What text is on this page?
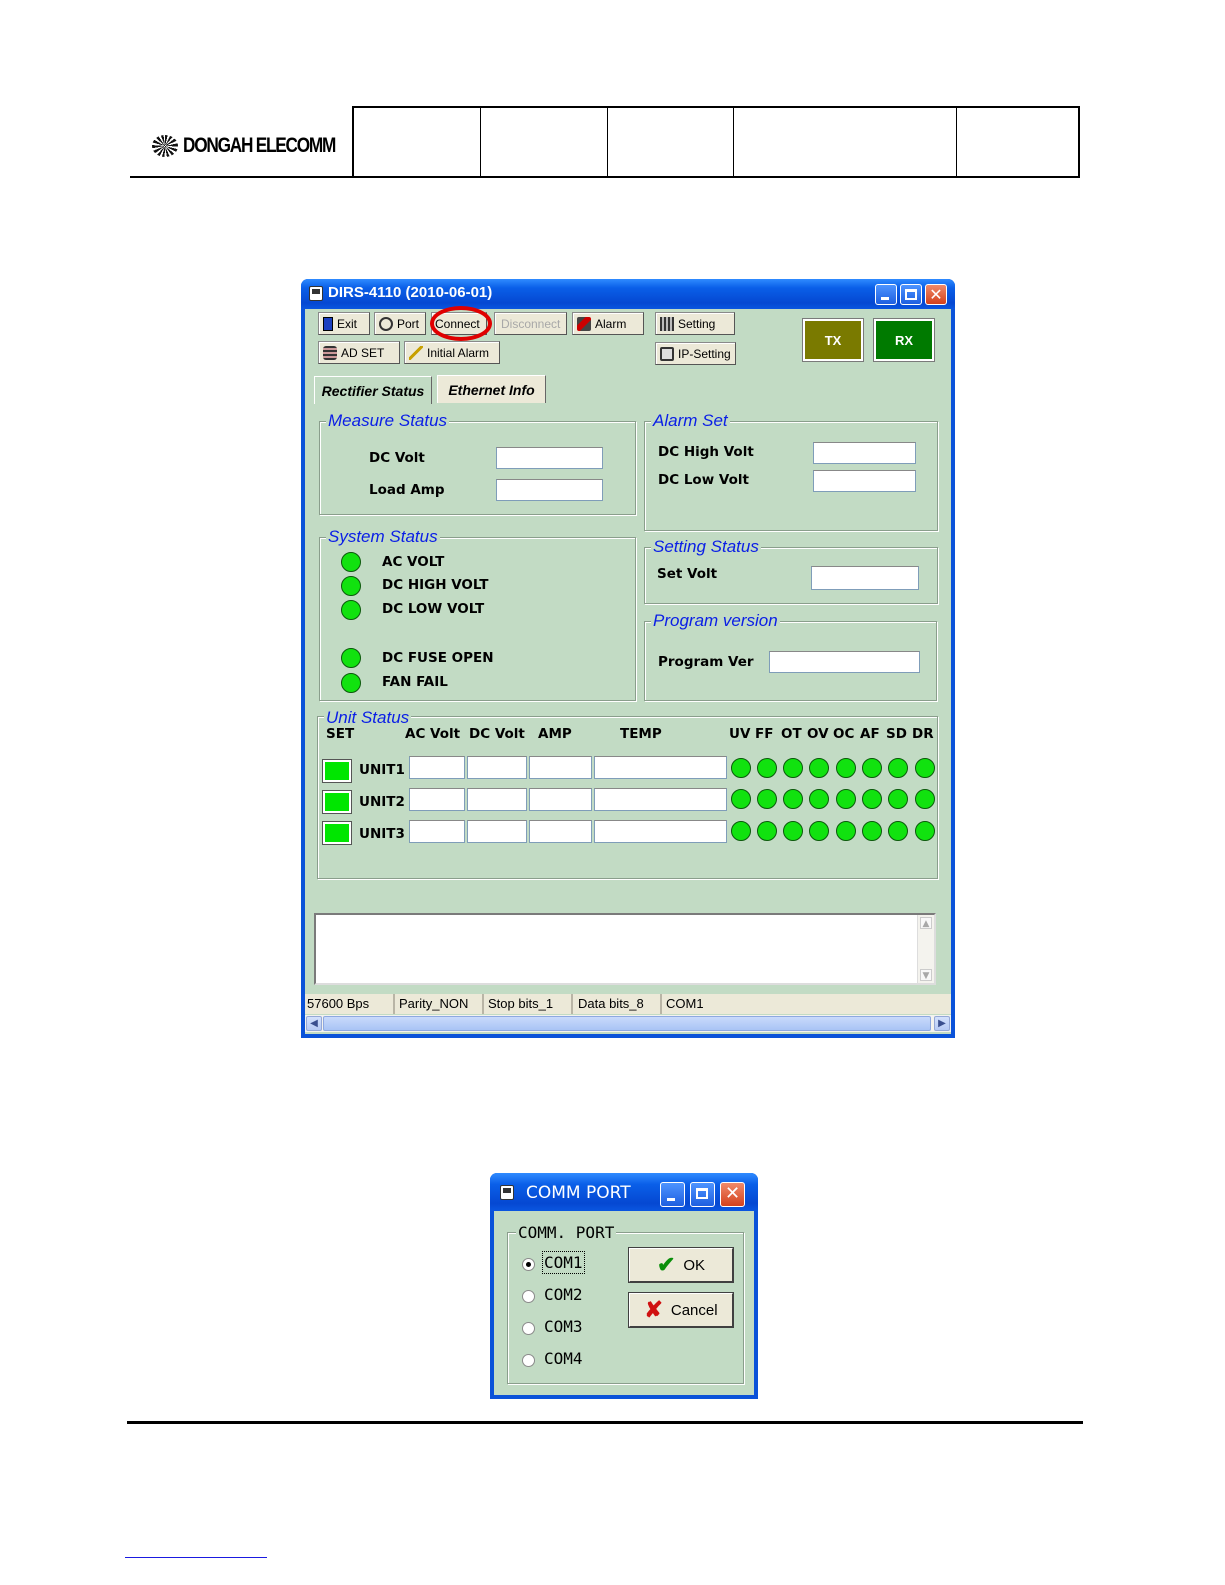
DONGAH ELECOMM
DIRS-4110 (2010-06-01)	✕
Exit	Port Connect Disconnect	Alarm	Setting
AD SET	Initial Alarm	IP-Setting
TX	RX
Rectifier Status	Ethernet Info
Measure Status
DC Volt
Load Amp
Alarm Set
DC High Volt
DC Low Volt
System Status
AC VOLT
DC HIGH VOLT
DC LOW VOLT
DC FUSE OPEN
FAN FAIL
Setting Status
Set Volt
Program version
Program Ver
Unit Status
SET	AC Volt DC Volt AMP	TEMP	UV FF OT OV OC AF SD DR
UNIT1
UNIT2
UNIT3
▲
▼
57600 Bps	Parity_NON	Stop bits_1	Data bits_8	COM1
◀	▶
COMM PORT	✕
COMM. PORT
COM1
COM2
COM3
COM4
✔ OK
✘ Cancel
